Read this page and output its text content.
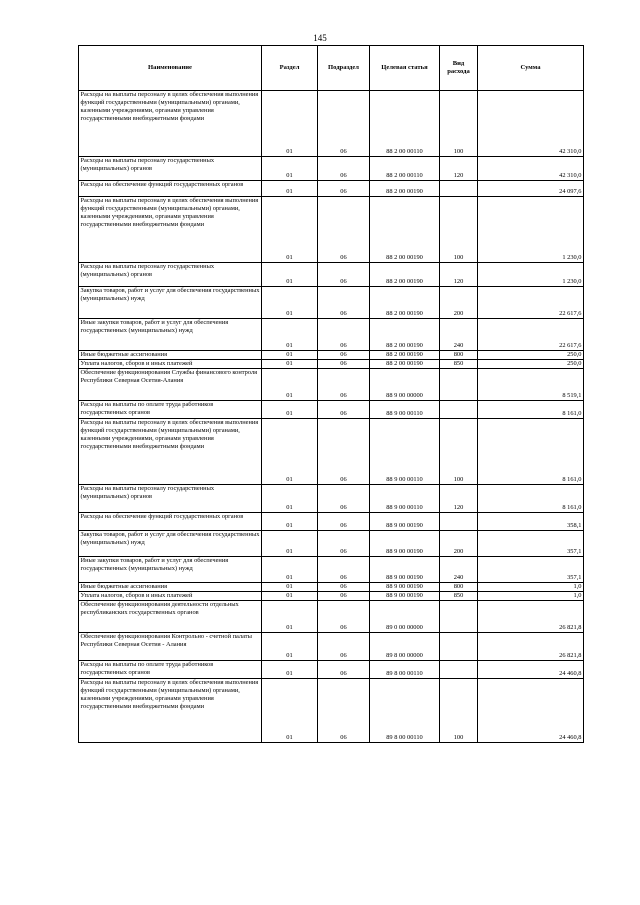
145
Наименование	Раздел	Подраздел	Целевая статья	Вид расхода	Сумма
Расходы на выплаты персоналу в целях обеспечения выполнения функций государственными (муниципальными) органами, казенными учреждениями, органами управления государственными внебюджетными фондами	01	06	88 2 00 00110	100	42 310,0
Расходы на выплаты персоналу государственных (муниципальных) органов	01	06	88 2 00 00110	120	42 310,0
Расходы на обеспечение функций государственных органов	01	06	88 2 00 00190		24 097,6
Расходы на выплаты персоналу в целях обеспечения выполнения функций государственными (муниципальными) органами, казенными учреждениями, органами управления государственными внебюджетными фондами	01	06	88 2 00 00190	100	1 230,0
Расходы на выплаты персоналу государственных (муниципальных) органов	01	06	88 2 00 00190	120	1 230,0
Закупка товаров, работ и услуг для обеспечения государственных (муниципальных) нужд	01	06	88 2 00 00190	200	22 617,6
Иные закупки товаров, работ и услуг для обеспечения государственных (муниципальных) нужд	01	06	88 2 00 00190	240	22 617,6
Иные бюджетные ассигнования	01	06	88 2 00 00190	800	250,0
Уплата налогов, сборов и иных платежей	01	06	88 2 00 00190	850	250,0
Обеспечение функционирования Службы финансового контроля Республики Северная Осетия-Алания	01	06	88 9 00 00000		8 519,1
Расходы на выплаты по оплате труда работников государственных органов	01	06	88 9 00 00110		8 161,0
Расходы на выплаты персоналу в целях обеспечения выполнения функций государственными (муниципальными) органами, казенными учреждениями, органами управления государственными внебюджетными фондами	01	06	88 9 00 00110	100	8 161,0
Расходы на выплаты персоналу государственных (муниципальных) органов	01	06	88 9 00 00110	120	8 161,0
Расходы на обеспечение функций государственных органов	01	06	88 9 00 00190		358,1
Закупка товаров, работ и услуг для обеспечения государственных (муниципальных) нужд	01	06	88 9 00 00190	200	357,1
Иные закупки товаров, работ и услуг для обеспечения государственных (муниципальных) нужд	01	06	88 9 00 00190	240	357,1
Иные бюджетные ассигнования	01	06	88 9 00 00190	800	1,0
Уплата налогов, сборов и иных платежей	01	06	88 9 00 00190	850	1,0
Обеспечение функционирования деятельности отдельных республиканских государственных органов	01	06	89 0 00 00000		26 821,8
Обеспечение функционирования Контрольно - счетной палаты Республики Северная Осетия - Алания	01	06	89 8 00 00000		26 821,8
Расходы на выплаты по оплате труда работников государственных органов	01	06	89 8 00 00110		24 460,8
Расходы на выплаты персоналу в целях обеспечения выполнения функций государственными (муниципальными) органами, казенными учреждениями, органами управления государственными внебюджетными фондами	01	06	89 8 00 00110	100	24 460,8
